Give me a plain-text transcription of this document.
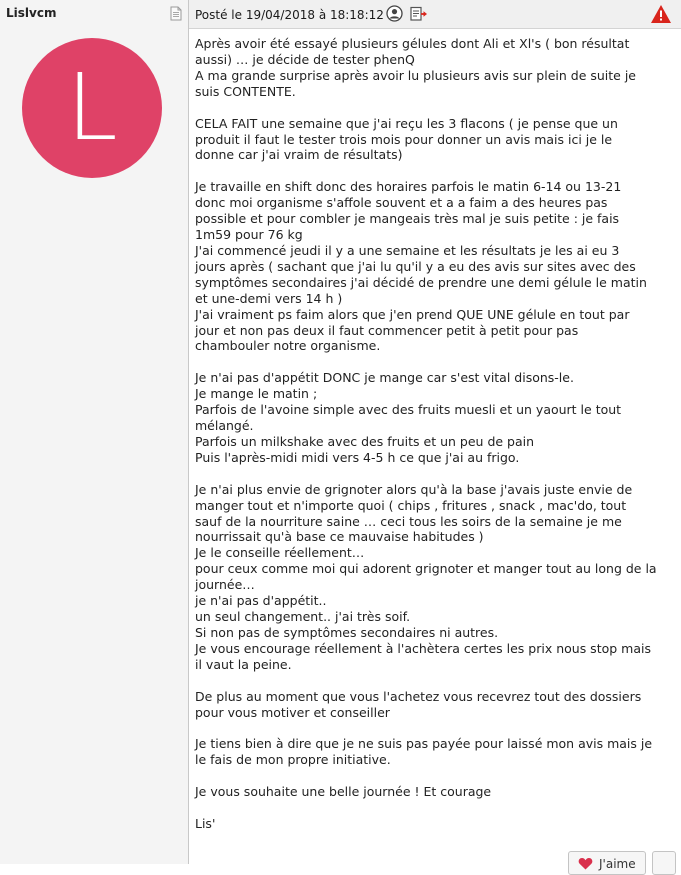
Lislvcm
L
Posté le 19/04/2018 à 18:18:12

Après avoir été essayé plusieurs gélules dont Ali et Xl's ( bon résultat
aussi) … je décide de tester phenQ
A ma grande surprise après avoir lu plusieurs avis sur plein de suite je
suis CONTENTE.

CELA FAIT une semaine que j'ai reçu les 3 flacons ( je pense que un
produit il faut le tester trois mois pour donner un avis mais ici je le
donne car j'ai vraim de résultats)

Je travaille en shift donc des horaires parfois le matin 6-14 ou 13-21
donc moi organisme s'affole souvent et a a faim a des heures pas
possible et pour combler je mangeais très mal je suis petite : je fais
1m59 pour 76 kg
J'ai commencé jeudi il y a une semaine et les résultats je les ai eu 3
jours après ( sachant que j'ai lu qu'il y a eu des avis sur sites avec des
symptômes secondaires j'ai décidé de prendre une demi gélule le matin
et une-demi vers 14 h )
J'ai vraiment ps faim alors que j'en prend QUE UNE gélule en tout par
jour et non pas deux il faut commencer petit à petit pour pas
chambouler notre organisme.

Je n'ai pas d'appétit DONC je mange car s'est vital disons-le.
Je mange le matin ;
Parfois de l'avoine simple avec des fruits muesli et un yaourt le tout
mélangé.
Parfois un milkshake avec des fruits et un peu de pain
Puis l'après-midi midi vers 4-5 h ce que j'ai au frigo.

Je n'ai plus envie de grignoter alors qu'à la base j'avais juste envie de
manger tout et n'importe quoi ( chips , fritures , snack , mac'do, tout
sauf de la nourriture saine … ceci tous les soirs de la semaine je me
nourrissait qu'à base ce mauvaise habitudes )
Je le conseille réellement…
pour ceux comme moi qui adorent grignoter et manger tout au long de la
journée…
je n'ai pas d'appétit..
un seul changement.. j'ai très soif.
Si non pas de symptômes secondaires ni autres.
Je vous encourage réellement à l'achètera certes les prix nous stop mais
il vaut la peine.

De plus au moment que vous l'achetez vous recevrez tout des dossiers
pour vous motiver et conseiller

Je tiens bien à dire que je ne suis pas payée pour laissé mon avis mais je
le fais de mon propre initiative.

Je vous souhaite une belle journée ! Et courage

Lis'

J'aime
